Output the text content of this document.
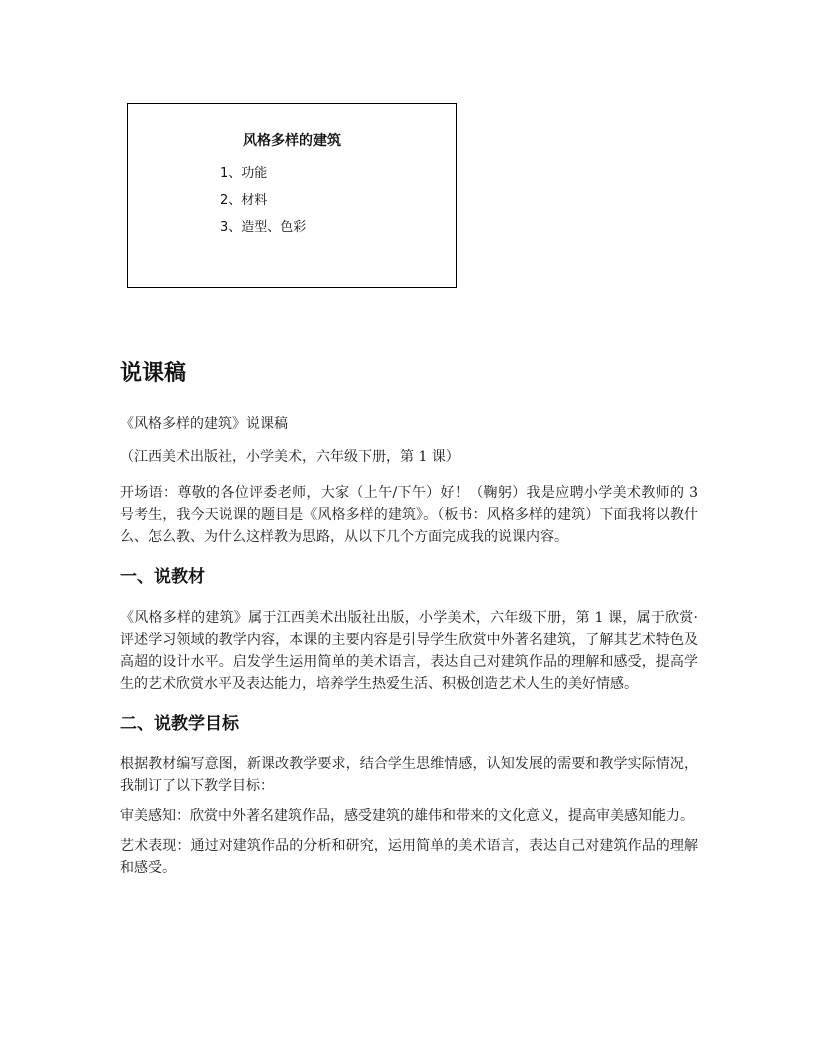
风格多样的建筑
1、功能
2、材料
3、造型、色彩
说课稿

《风格多样的建筑》说课稿

（江西美术出版社，小学美术，六年级下册，第 1 课）

开场语：尊敬的各位评委老师，大家（上午/下午）好！（鞠躬）我是应聘小学美术教师的 3 号考生，我今天说课的题目是《风格多样的建筑》。（板书：风格多样的建筑）下面我将以教什么、怎么教、为什么这样教为思路，从以下几个方面完成我的说课内容。

一、说教材

《风格多样的建筑》属于江西美术出版社出版，小学美术，六年级下册，第 1 课，属于欣赏·评述学习领域的教学内容，本课的主要内容是引导学生欣赏中外著名建筑，了解其艺术特色及高超的设计水平。启发学生运用简单的美术语言，表达自己对建筑作品的理解和感受，提高学生的艺术欣赏水平及表达能力，培养学生热爱生活、积极创造艺术人生的美好情感。

二、说教学目标

根据教材编写意图，新课改教学要求，结合学生思维情感，认知发展的需要和教学实际情况，我制订了以下教学目标：

审美感知：欣赏中外著名建筑作品，感受建筑的雄伟和带来的文化意义，提高审美感知能力。

艺术表现：通过对建筑作品的分析和研究，运用简单的美术语言，表达自己对建筑作品的理解和感受。
